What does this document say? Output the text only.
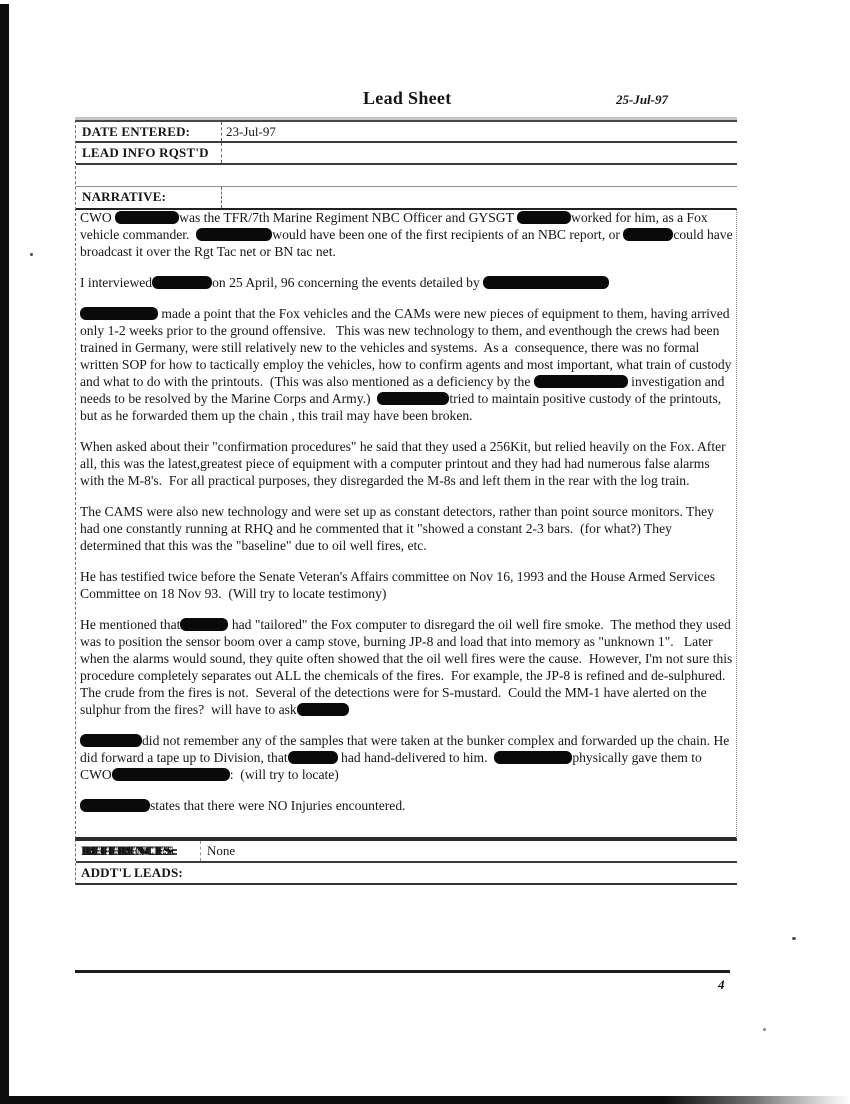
Lead Sheet	25-Jul-97
DATE ENTERED:	23-Jul-97
LEAD INFO RQST'D
NARRATIVE:

CWO	was the TFR/7th Marine Regiment NBC Officer and GYSGT	worked for him, as a Fox vehicle commander.	would have been one of the first recipients of an NBC report, or	could have broadcast it over the Rgt Tac net or BN tac net.

I interviewed	on 25 April, 96 concerning the events detailed by

made a point that the Fox vehicles and the CAMs were new pieces of equipment to them, having arrived only 1-2 weeks prior to the ground offensive.   This was new technology to them, and eventhough the crews had been trained in Germany, were still relatively new to the vehicles and systems.  As a  consequence, there was no formal written SOP for how to tactically employ the vehicles, how to confirm agents and most important, what train of custody and what to do with the printouts.  (This was also mentioned as a deficiency by the	investigation and needs to be resolved by the Marine Corps and Army.)	tried to maintain positive custody of the printouts, but as he forwarded them up the chain , this trail may have been broken.

When asked about their "confirmation procedures" he said that they used a 256Kit, but relied heavily on the Fox. After all, this was the latest,greatest piece of equipment with a computer printout and they had had numerous false alarms with the M-8's.  For all practical purposes, they disregarded the M-8s and left them in the rear with the log train.

The CAMS were also new technology and were set up as constant detectors, rather than point source monitors. They had one constantly running at RHQ and he commented that it "showed a constant 2-3 bars.  (for what?) They determined that this was the "baseline" due to oil well fires, etc.

He has testified twice before the Senate Veteran's Affairs committee on Nov 16, 1993 and the House Armed Services Committee on 18 Nov 93.  (Will try to locate testimony)

He mentioned that	had "tailored" the Fox computer to disregard the oil well fire smoke.  The method they used was to position the sensor boom over a camp stove, burning JP-8 and load that into memory as "unknown 1".   Later when the alarms would sound, they quite often showed that the oil well fires were the cause.  However, I'm not sure this procedure completely separates out ALL the chemicals of the fires.  For example, the JP-8 is refined and de-sulphured.  The crude from the fires is not.  Several of the detections were for S-mustard.  Could the MM-1 have alerted on the sulphur from the fires?  will have to ask

did not remember any of the samples that were taken at the bunker complex and forwarded up the chain. He did forward a tape up to Division, that	had hand-delivered to him.	physically gave them to CWO	:  (will try to locate)

states that there were NO Injuries encountered.

REFERENCES:	None
ADDT'L LEADS:
4
